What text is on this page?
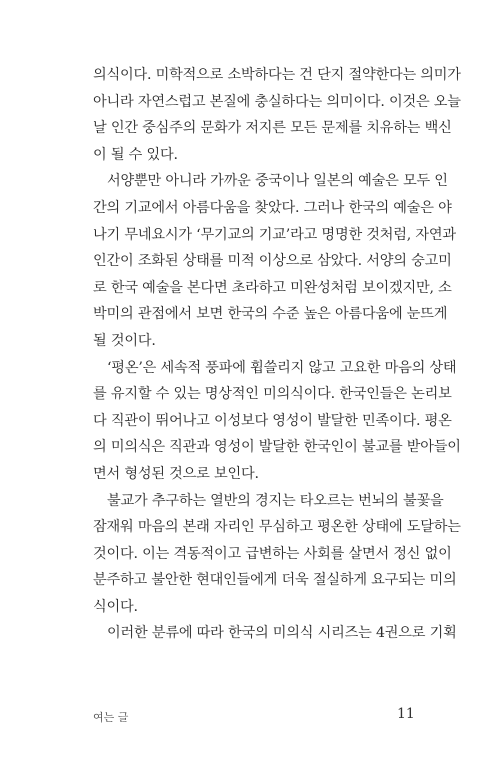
의식이다. 미학적으로 소박하다는 건 단지 절약한다는 의미가
아니라 자연스럽고 본질에 충실하다는 의미이다. 이것은 오늘
날 인간 중심주의 문화가 저지른 모든 문제를 치유하는 백신
이 될 수 있다.
서양뿐만 아니라 가까운 중국이나 일본의 예술은 모두 인
간의 기교에서 아름다움을 찾았다. 그러나 한국의 예술은 야
나기 무네요시가 ‘무기교의 기교’라고 명명한 것처럼, 자연과
인간이 조화된 상태를 미적 이상으로 삼았다. 서양의 숭고미
로 한국 예술을 본다면 초라하고 미완성처럼 보이겠지만, 소
박미의 관점에서 보면 한국의 수준 높은 아름다움에 눈뜨게
될 것이다.
‘평온’은 세속적 풍파에 휩쓸리지 않고 고요한 마음의 상태
를 유지할 수 있는 명상적인 미의식이다. 한국인들은 논리보
다 직관이 뛰어나고 이성보다 영성이 발달한 민족이다. 평온
의 미의식은 직관과 영성이 발달한 한국인이 불교를 받아들이
면서 형성된 것으로 보인다.
불교가 추구하는 열반의 경지는 타오르는 번뇌의 불꽃을
잠재워 마음의 본래 자리인 무심하고 평온한 상태에 도달하는
것이다. 이는 격동적이고 급변하는 사회를 살면서 정신 없이
분주하고 불안한 현대인들에게 더욱 절실하게 요구되는 미의
식이다.
이러한 분류에 따라 한국의 미의식 시리즈는 4권으로 기획
여는 글	11
